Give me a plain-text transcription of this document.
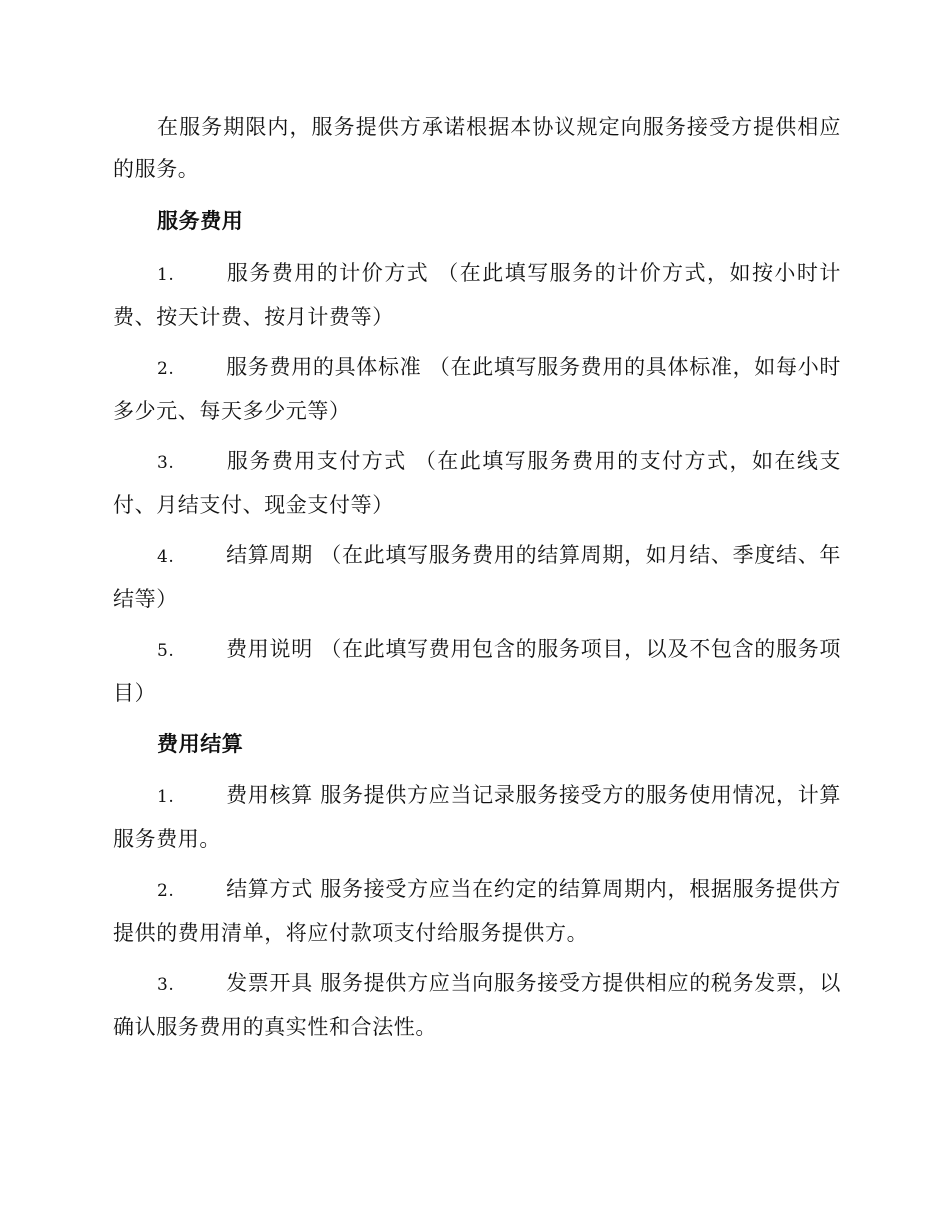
在服务期限内，服务提供方承诺根据本协议规定向服务接受方提供相应的服务。

服务费用

1. 服务费用的计价方式 （在此填写服务的计价方式，如按小时计费、按天计费、按月计费等）

2. 服务费用的具体标准 （在此填写服务费用的具体标准，如每小时多少元、每天多少元等）

3. 服务费用支付方式 （在此填写服务费用的支付方式，如在线支付、月结支付、现金支付等）

4. 结算周期 （在此填写服务费用的结算周期，如月结、季度结、年结等）

5. 费用说明 （在此填写费用包含的服务项目，以及不包含的服务项目）

费用结算

1. 费用核算 服务提供方应当记录服务接受方的服务使用情况，计算服务费用。

2. 结算方式 服务接受方应当在约定的结算周期内，根据服务提供方提供的费用清单，将应付款项支付给服务提供方。

3. 发票开具 服务提供方应当向服务接受方提供相应的税务发票，以确认服务费用的真实性和合法性。
